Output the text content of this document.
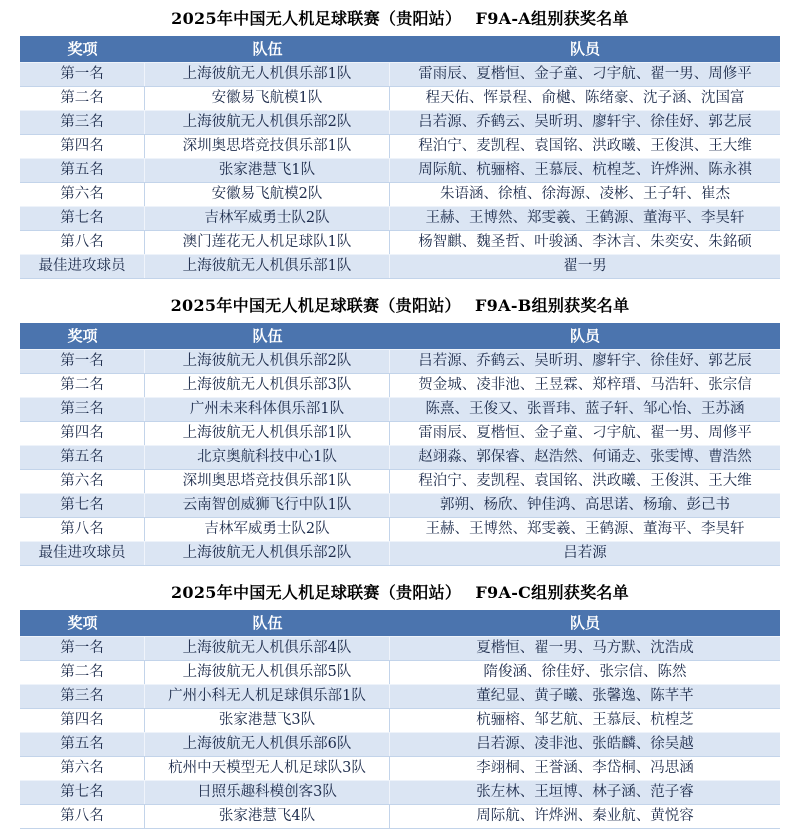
2025年中国无人机足球联赛（贵阳站）　 F9A-A组别获奖名单
奖项	队伍	队员
第一名	上海彼航无人机俱乐部1队	雷雨辰、夏楷恒、金子童、刁宇航、翟一男、周修平
第二名	安徽易飞航模1队	程天佑、恽景程、俞樾、陈绪豪、沈子涵、沈国富
第三名	上海彼航无人机俱乐部2队	吕若源、乔鹤云、吴昕玥、廖轩宇、徐佳妤、郭艺辰
第四名	深圳奥思塔竞技俱乐部1队	程泊宁、麦凯程、袁国铭、洪政曦、王俊淇、王大维
第五名	张家港慧飞1队	周际航、杭骊榕、王慕辰、杭楻芝、许烨洲、陈永祺
第六名	安徽易飞航模2队	朱语涵、徐植、徐海源、凌彬、王子轩、崔杰
第七名	吉林军威勇士队2队	王赫、王博然、郑雯羲、王鹤源、董海平、李昊轩
第八名	澳门莲花无人机足球队1队	杨智麒、魏圣哲、叶骏涵、李沐言、朱奕安、朱銘硕
最佳进攻球员	上海彼航无人机俱乐部1队	翟一男
2025年中国无人机足球联赛（贵阳站）　 F9A-B组别获奖名单
奖项	队伍	队员
第一名	上海彼航无人机俱乐部2队	吕若源、乔鹤云、吴昕玥、廖轩宇、徐佳妤、郭艺辰
第二名	上海彼航无人机俱乐部3队	贺金城、凌非池、王昱霖、郑梓瑨、马浩轩、张宗信
第三名	广州未来科体俱乐部1队	陈熹、王俊又、张晋玮、蓝子轩、邹心怡、王苏涵
第四名	上海彼航无人机俱乐部1队	雷雨辰、夏楷恒、金子童、刁宇航、翟一男、周修平
第五名	北京奥航科技中心1队	赵翊淼、郭保睿、赵浩然、何诵赱、张雯博、曹浩然
第六名	深圳奥思塔竞技俱乐部1队	程泊宁、麦凯程、袁国铭、洪政曦、王俊淇、王大维
第七名	云南智创威狮飞行中队1队	郭朔、杨欣、钟佳鸿、高思诺、杨瑜、彭己书
第八名	吉林军威勇士队2队	王赫、王博然、郑雯羲、王鹤源、董海平、李昊轩
最佳进攻球员	上海彼航无人机俱乐部2队	吕若源
2025年中国无人机足球联赛（贵阳站）　 F9A-C组别获奖名单
奖项	队伍	队员
第一名	上海彼航无人机俱乐部4队	夏楷恒、翟一男、马方默、沈浩成
第二名	上海彼航无人机俱乐部5队	隋俊涵、徐佳妤、张宗信、陈然
第三名	广州小科无人机足球俱乐部1队	董纪显、黄子曦、张馨逸、陈芊芊
第四名	张家港慧飞3队	杭骊榕、邹艺航、王慕辰、杭楻芝
第五名	上海彼航无人机俱乐部6队	吕若源、凌非池、张皓麟、徐吴越
第六名	杭州中天模型无人机足球队3队	李翊桐、王誉涵、李岱桐、冯思涵
第七名	日照乐趣科模创客3队	张左林、王垣博、林子涵、范子睿
第八名	张家港慧飞4队	周际航、许烨洲、秦业航、黄悦容
